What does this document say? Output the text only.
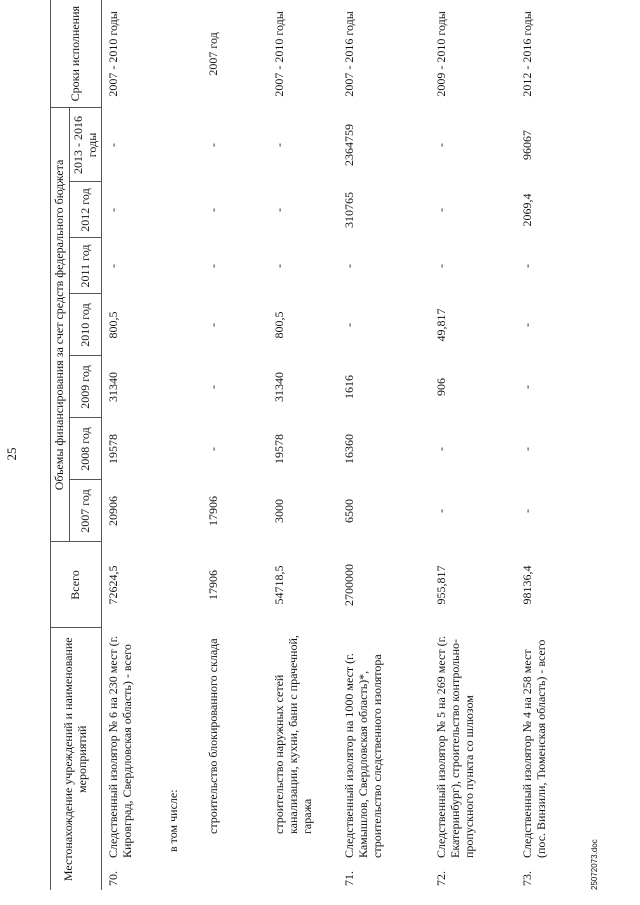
25
Местонахождение учреждений и наименование мероприятий	Всего	Объемы финансирования за счет средств федерального бюджета							Сроки исполнения
		2007 год	2008 год	2009 год	2010 год	2011 год	2012 год	2013 - 2016 годы	
70.Следственный изолятор № 6 на 230 мест (г. Кировград, Свердловская область) - всего	72624,5	20906	19578	31340	800,5	-	-	-	2007 - 2010 годы
в том числе:									
строительство блокированного склада	17906	17906	-	-	-	-	-	-	2007 год
строительство наружных сетей канализации, кухни, бани с прачечной, гаража	54718,5	3000	19578	31340	800,5	-	-	-	2007 - 2010 годы
71.Следственный изолятор на 1000 мест (г. Камышлов, Свердловская область)*, строительство следственного изолятора	2700000	6500	16360	1616	-	-	310765	2364759	2007 - 2016 годы
72.Следственный изолятор № 5 на 269 мест (г. Екатеринбург), строительство контрольно-пропускного пункта со шлюзом	955,817	-	-	906	49,817	-	-	-	2009 - 2010 годы
73.Следственный изолятор № 4 на 258 мест (пос. Винзили, Тюменская область) - всего	98136,4	-	-	-	-	-	2069,4	96067	2012 - 2016 годы
25072073.doc
